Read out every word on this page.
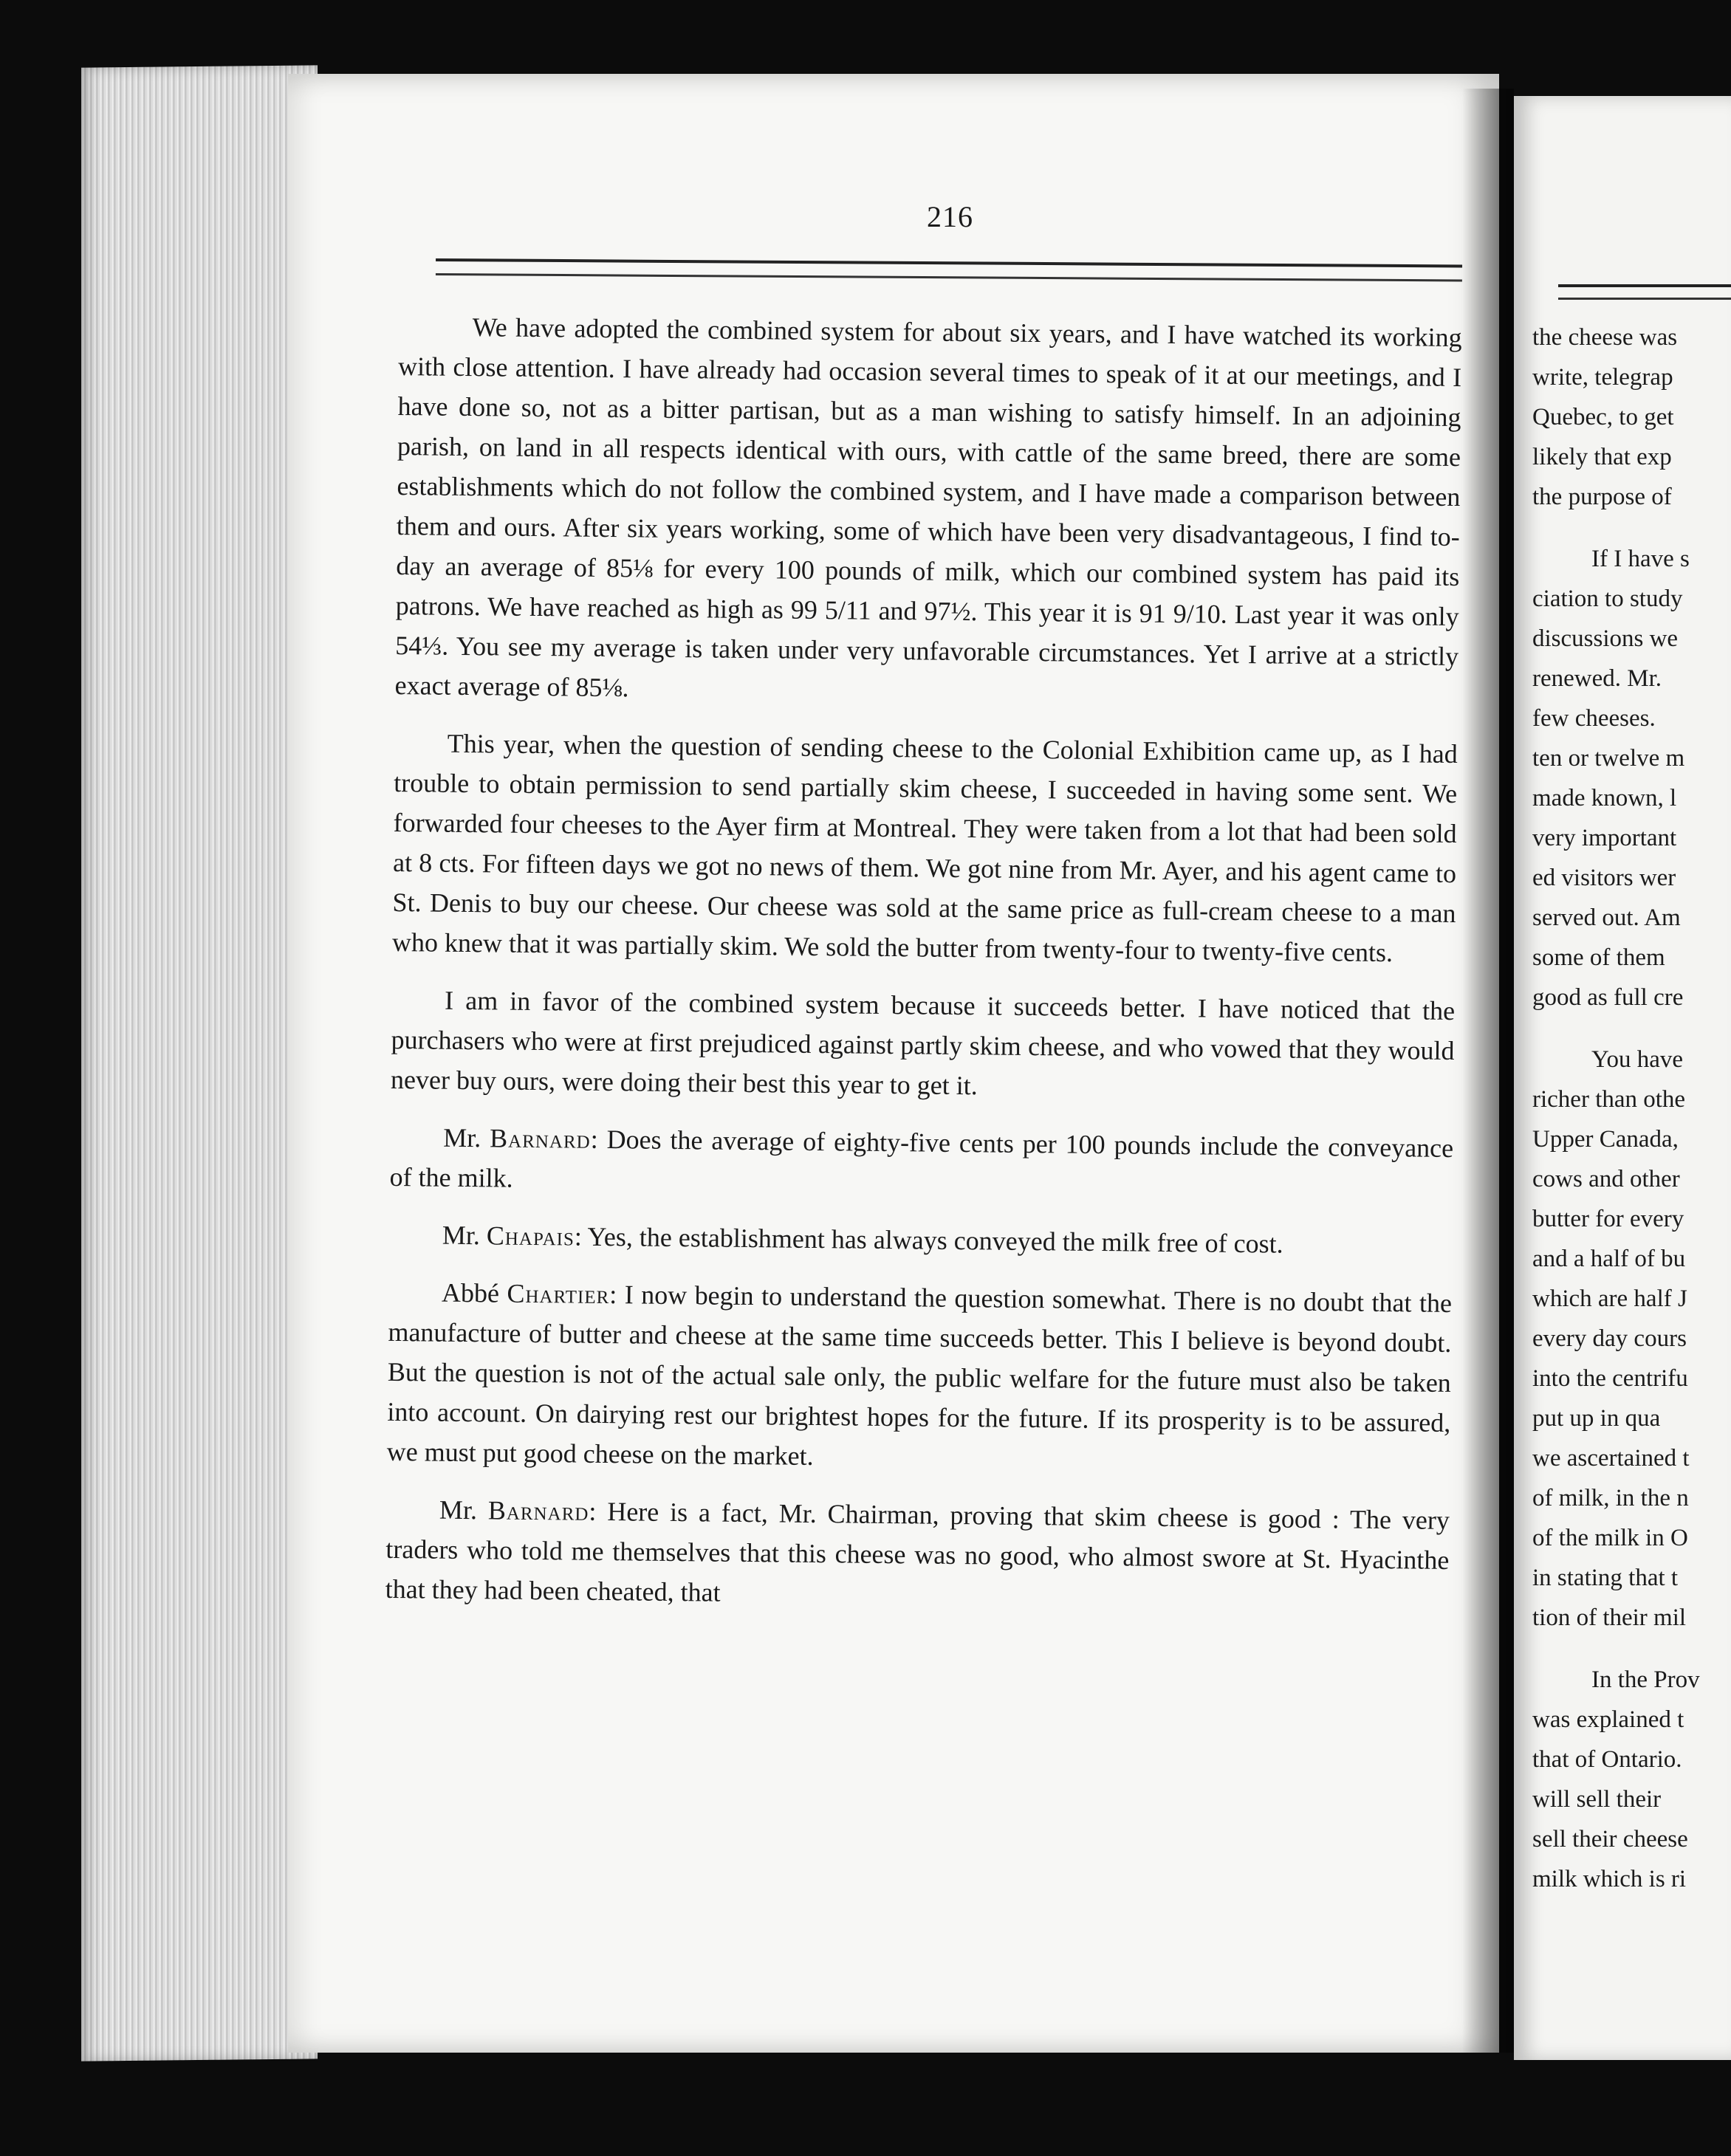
216

We have adopted the combined system for about six years, and I have watched its working with close attention. I have already had occasion several times to speak of it at our meetings, and I have done so, not as a bitter partisan, but as a man wishing to satisfy himself. In an adjoining parish, on land in all respects identical with ours, with cattle of the same breed, there are some establishments which do not follow the combined system, and I have made a comparison between them and ours. After six years working, some of which have been very disadvantageous, I find to-day an average of 85⅛ for every 100 pounds of milk, which our combined system has paid its patrons. We have reached as high as 99 5/11 and 97½. This year it is 91 9/10. Last year it was only 54⅓. You see my average is taken under very unfavorable circumstances. Yet I arrive at a strictly exact average of 85⅛.

This year, when the question of sending cheese to the Colonial Exhibition came up, as I had trouble to obtain permission to send partially skim cheese, I succeeded in having some sent. We forwarded four cheeses to the Ayer firm at Montreal. They were taken from a lot that had been sold at 8 cts. For fifteen days we got no news of them. We got nine from Mr. Ayer, and his agent came to St. Denis to buy our cheese. Our cheese was sold at the same price as full-cream cheese to a man who knew that it was partially skim. We sold the butter from twenty-four to twenty-five cents.

I am in favor of the combined system because it succeeds better. I have noticed that the purchasers who were at first prejudiced against partly skim cheese, and who vowed that they would never buy ours, were doing their best this year to get it.

Mr. Barnard: Does the average of eighty-five cents per 100 pounds include the conveyance of the milk.

Mr. Chapais: Yes, the establishment has always conveyed the milk free of cost.

Abbé Chartier: I now begin to understand the question somewhat. There is no doubt that the manufacture of butter and cheese at the same time succeeds better. This I believe is beyond doubt. But the question is not of the actual sale only, the public welfare for the future must also be taken into account. On dairying rest our brightest hopes for the future. If its prosperity is to be assured, we must put good cheese on the market.

Mr. Barnard: Here is a fact, Mr. Chairman, proving that skim cheese is good : The very traders who told me themselves that this cheese was no good, who almost swore at St. Hyacinthe that they had been cheated, that

the cheese was
write, telegrap
Quebec, to get
likely that exp
the purpose of
If I have s
ciation to study
discussions we
renewed. Mr.
few cheeses.
ten or twelve m
made known, l
very important
ed visitors wer
served out. Am
some of them
good as full cre
You have
richer than othe
Upper Canada,
cows and other
butter for every
and a half of bu
which are half J
every day cours
into the centrifu
put up in qua
we ascertained t
of milk, in the n
of the milk in O
in stating that t
tion of their mil
In the Prov
was explained t
that of Ontario.
will sell their
sell their cheese
milk which is ri
